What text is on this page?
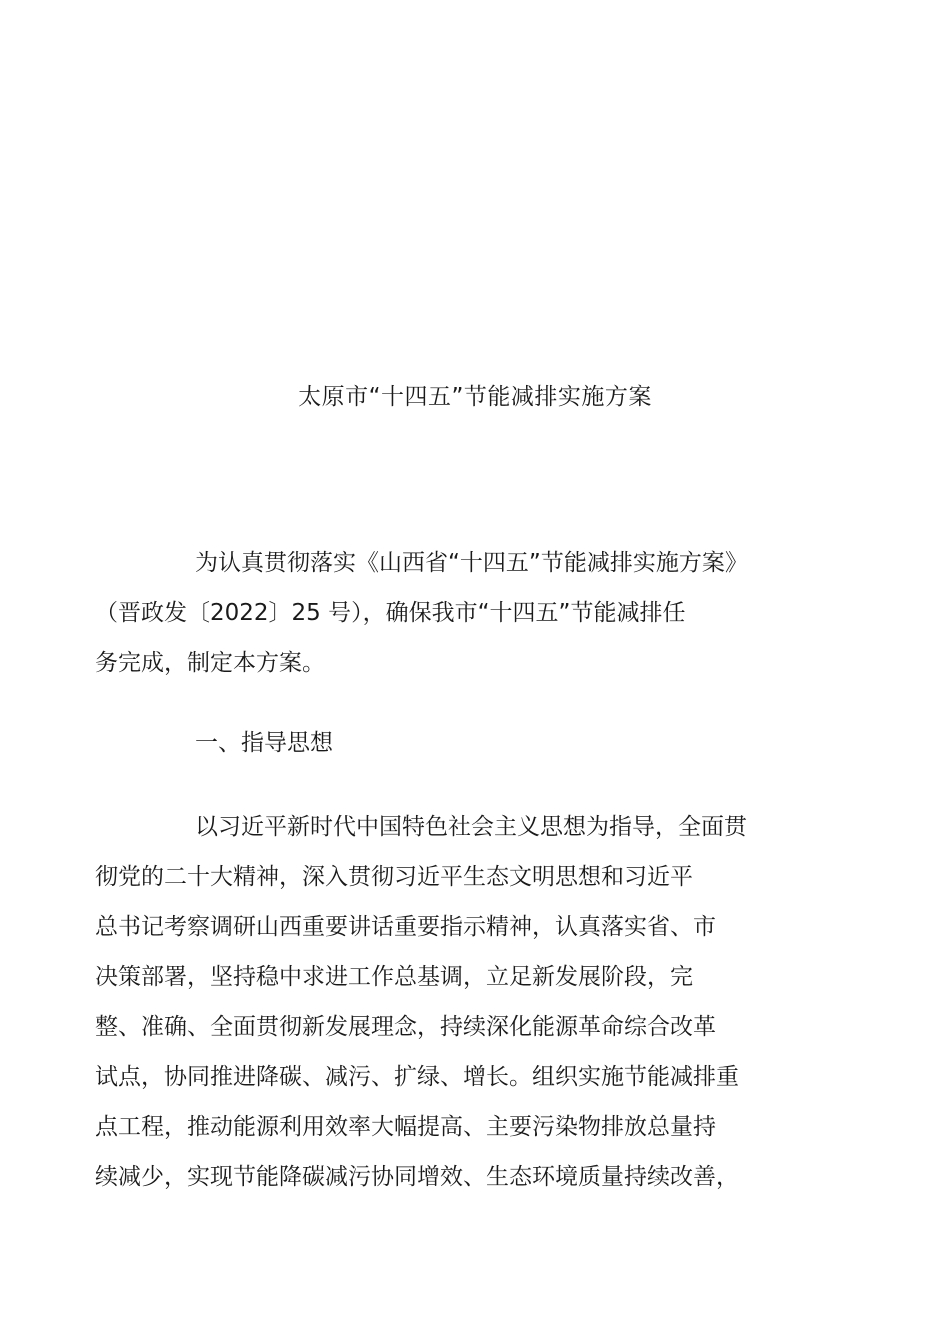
太原市“十四五”节能减排实施方案

为认真贯彻落实《山西省“十四五”节能减排实施方案》
（晋政发〔2022〕25 号），确保我市“十四五”节能减排任
务完成，制定本方案。

一、指导思想

以习近平新时代中国特色社会主义思想为指导，全面贯
彻党的二十大精神，深入贯彻习近平生态文明思想和习近平
总书记考察调研山西重要讲话重要指示精神，认真落实省、市
决策部署，坚持稳中求进工作总基调，立足新发展阶段，完
整、准确、全面贯彻新发展理念，持续深化能源革命综合改革
试点，协同推进降碳、减污、扩绿、增长。组织实施节能减排重
点工程，推动能源利用效率大幅提高、主要污染物排放总量持
续减少，实现节能降碳减污协同增效、生态环境质量持续改善，
